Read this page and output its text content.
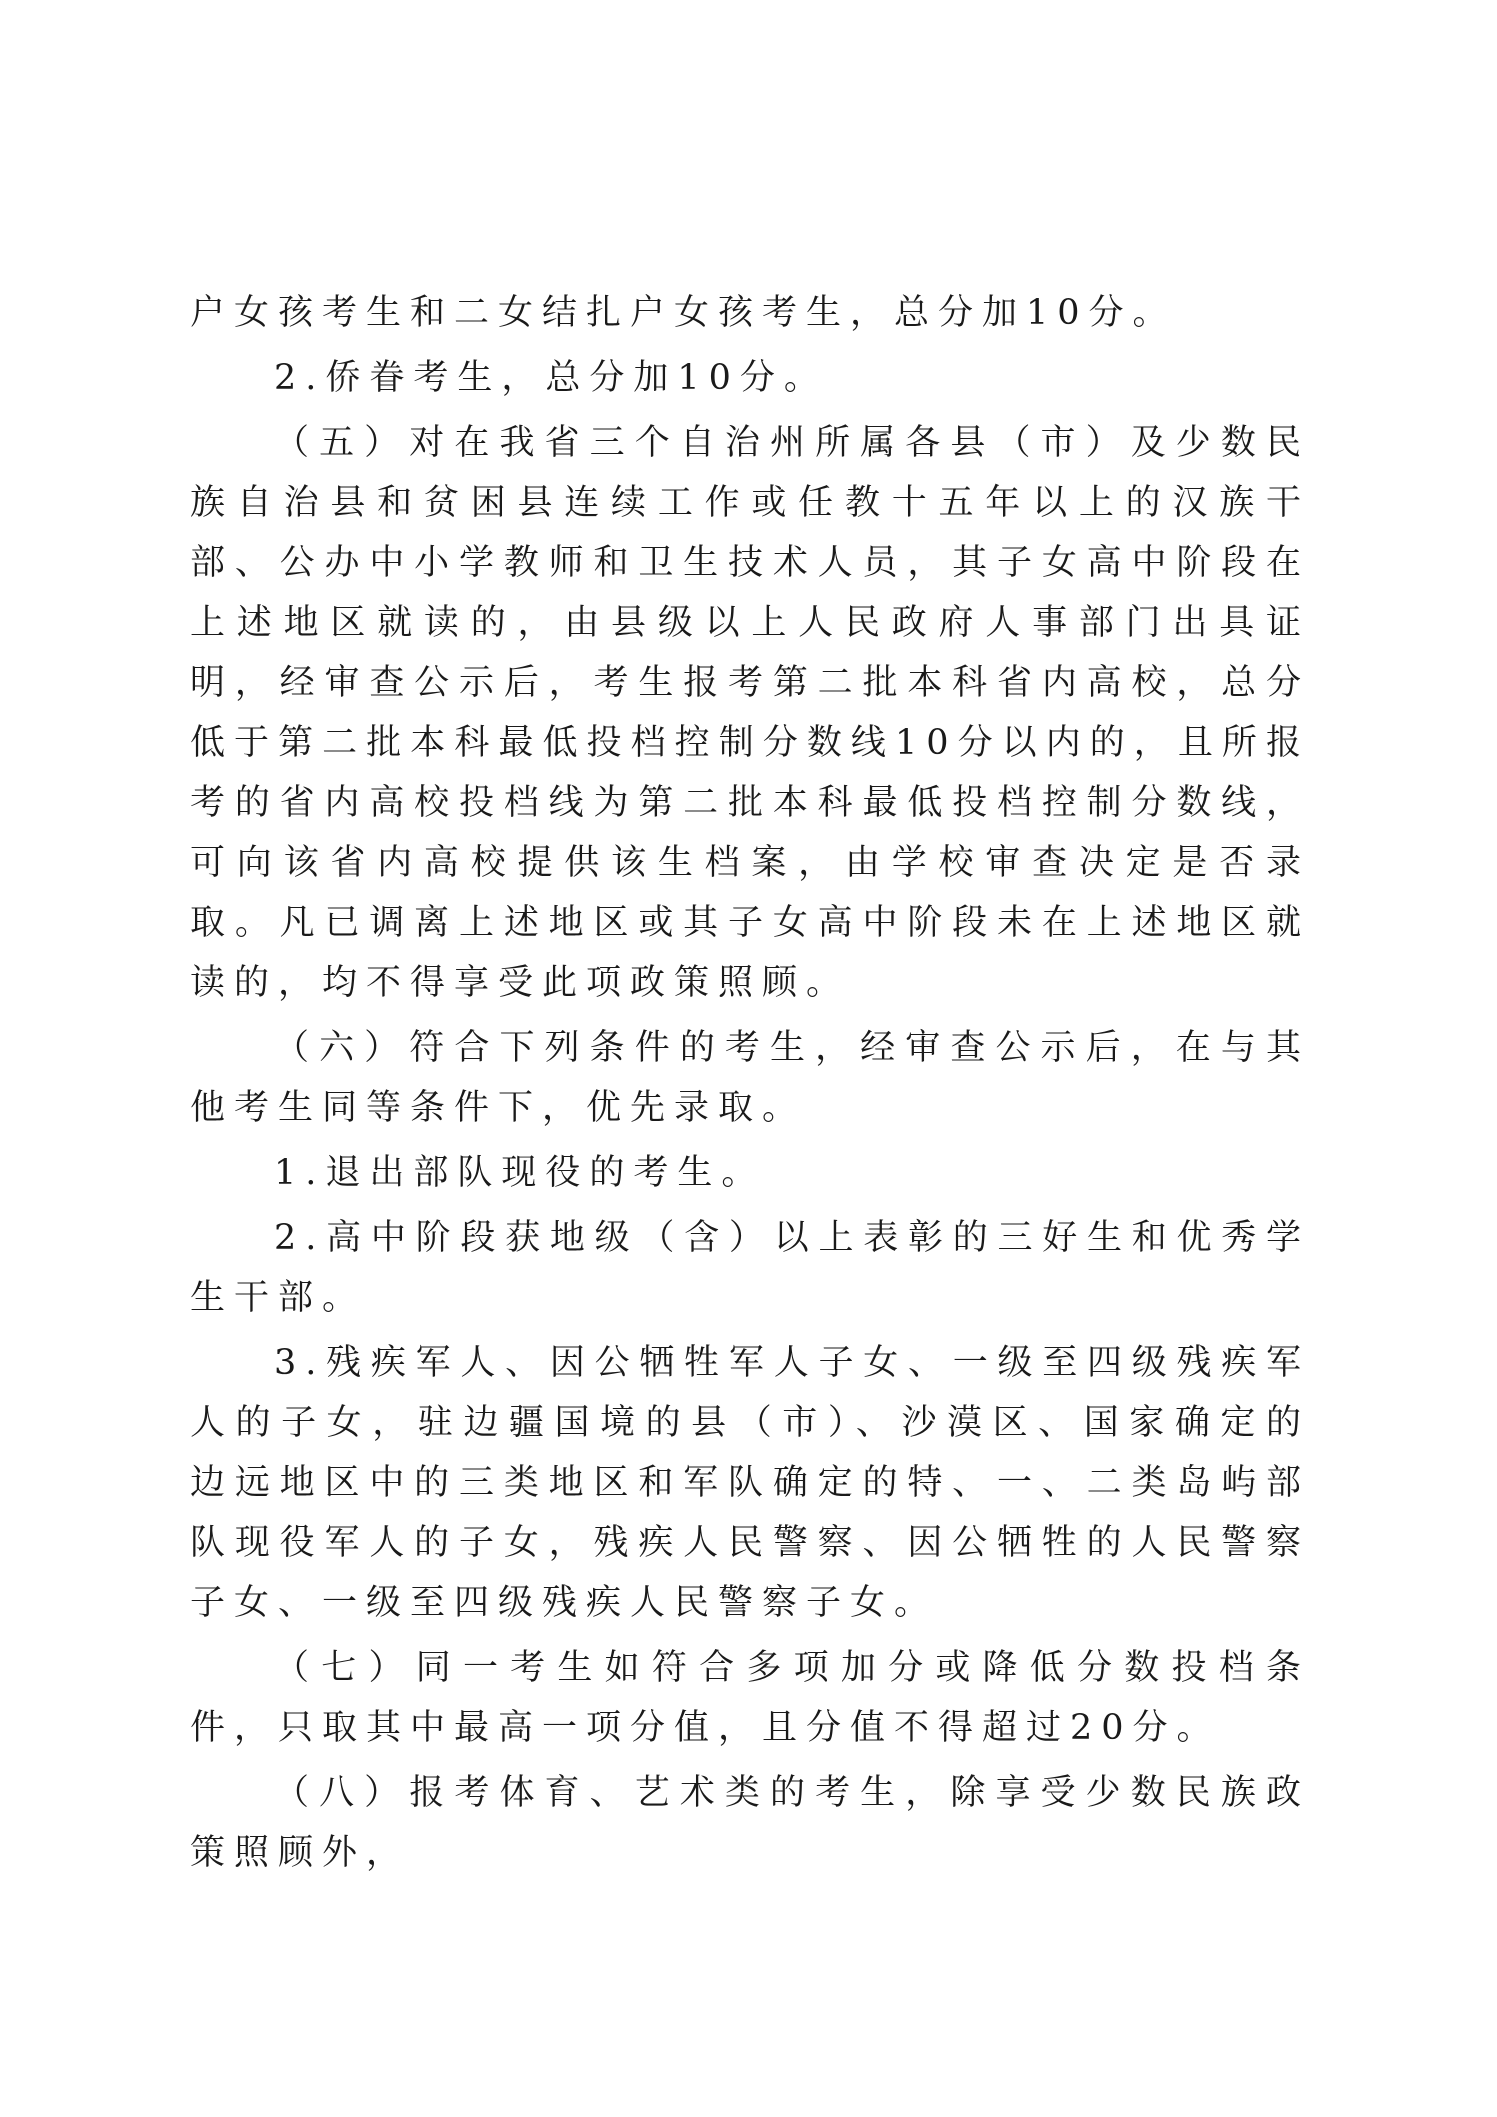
户女孩考生和二女结扎户女孩考生，总分加10分。

2.侨眷考生，总分加10分。

（五）对在我省三个自治州所属各县（市）及少数民族自治县和贫困县连续工作或任教十五年以上的汉族干部、公办中小学教师和卫生技术人员，其子女高中阶段在上述地区就读的，由县级以上人民政府人事部门出具证明，经审查公示后，考生报考第二批本科省内高校，总分低于第二批本科最低投档控制分数线10分以内的，且所报考的省内高校投档线为第二批本科最低投档控制分数线，可向该省内高校提供该生档案，由学校审查决定是否录取。凡已调离上述地区或其子女高中阶段未在上述地区就读的，均不得享受此项政策照顾。

（六）符合下列条件的考生，经审查公示后，在与其他考生同等条件下，优先录取。

1.退出部队现役的考生。

2.高中阶段获地级（含）以上表彰的三好生和优秀学生干部。

3.残疾军人、因公牺牲军人子女、一级至四级残疾军人的子女，驻边疆国境的县（市）、沙漠区、国家确定的边远地区中的三类地区和军队确定的特、一、二类岛屿部队现役军人的子女，残疾人民警察、因公牺牲的人民警察子女、一级至四级残疾人民警察子女。

（七）同一考生如符合多项加分或降低分数投档条件，只取其中最高一项分值，且分值不得超过20分。

（八）报考体育、艺术类的考生，除享受少数民族政策照顾外，
